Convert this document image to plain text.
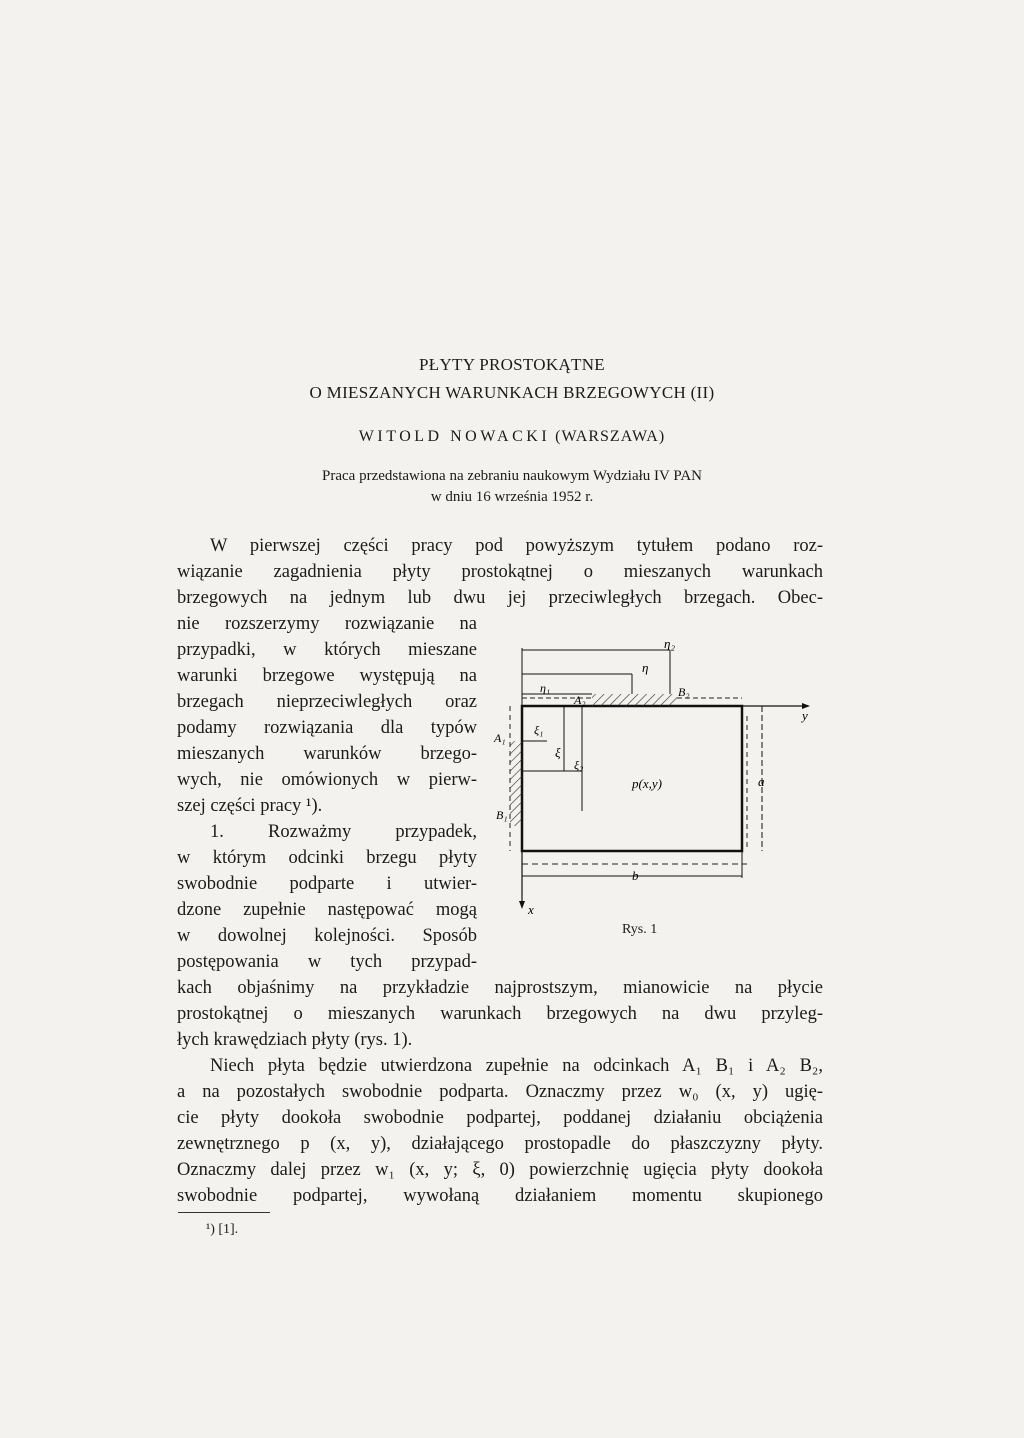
PŁYTY PROSTOKĄTNE
O MIESZANYCH WARUNKACH BRZEGOWYCH (II)
WITOLD NOWACKI (WARSZAWA)
Praca przedstawiona na zebraniu naukowym Wydziału IV PAN
w dniu 16 września 1952 r.
W pierwszej części pracy pod powyższym tytułem podano roz-
wiązanie zagadnienia płyty prostokątnej o mieszanych warunkach
brzegowych na jednym lub dwu jej przeciwległych brzegach. Obec-
nie rozszerzymy rozwiązanie na
przypadki, w których mieszane
warunki brzegowe występują na
brzegach nieprzeciwległych oraz
podamy rozwiązania dla typów
mieszanych warunków brzego-
wych, nie omówionych w pierw-
szej części pracy ¹).
1. Rozważmy przypadek,
w którym odcinki brzegu płyty
swobodnie podparte i utwier-
dzone zupełnie następować mogą
w dowolnej kolejności. Sposób
postępowania w tych przypad-
kach objaśnimy na przykładzie najprostszym, mianowicie na płycie
prostokątnej o mieszanych warunkach brzegowych na dwu przyleg-
łych krawędziach płyty (rys. 1).
Niech płyta będzie utwierdzona zupełnie na odcinkach A₁ B₁ i A₂ B₂,
a na pozostałych swobodnie podparta. Oznaczmy przez w₀ (x, y) ugię-
cie płyty dookoła swobodnie podpartej, poddanej działaniu obciążenia
zewnętrznego p (x, y), działającego prostopadle do płaszczyzny płyty.
Oznaczmy dalej przez w₁ (x, y; ξ, 0) powierzchnię ugięcia płyty dookoła
swobodnie podpartej, wywołaną działaniem momentu skupionego
η₂
η
η₁
A₂
B₂
A₁
B₁
ξ₁
ξ
ξ₂
p(x,y)	a
b
x
y
Rys. 1
¹) [1].
